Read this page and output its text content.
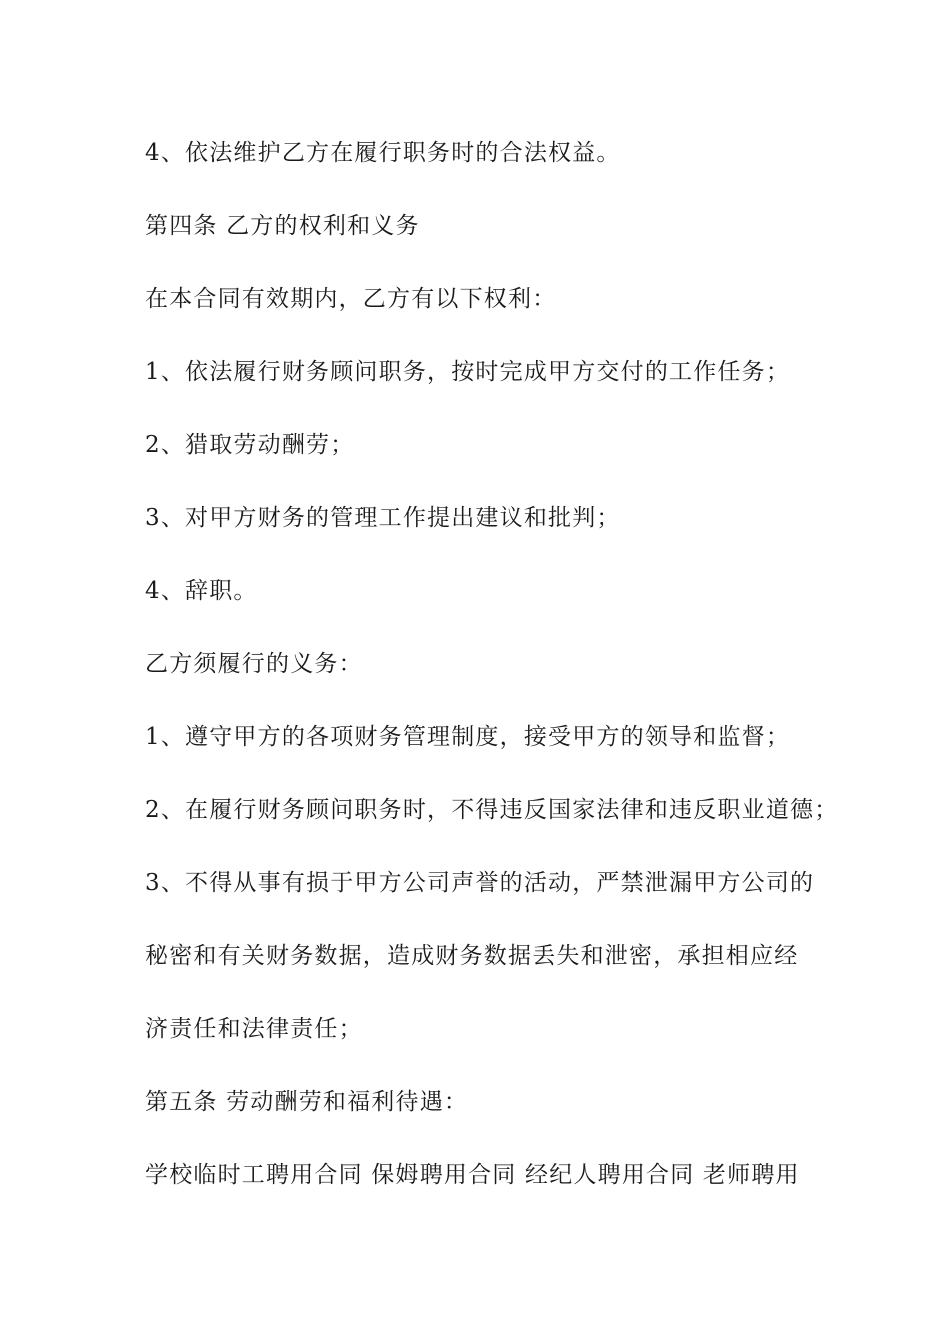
4、依法维护乙方在履行职务时的合法权益。
第四条 乙方的权利和义务
在本合同有效期内，乙方有以下权利：
1、依法履行财务顾问职务，按时完成甲方交付的工作任务；
2、猎取劳动酬劳；
3、对甲方财务的管理工作提出建议和批判；
4、辞职。
乙方须履行的义务：
1、遵守甲方的各项财务管理制度，接受甲方的领导和监督；
2、在履行财务顾问职务时，不得违反国家法律和违反职业道德；
3、不得从事有损于甲方公司声誉的活动，严禁泄漏甲方公司的
秘密和有关财务数据，造成财务数据丢失和泄密，承担相应经
济责任和法律责任；
第五条 劳动酬劳和福利待遇：
学校临时工聘用合同 保姆聘用合同 经纪人聘用合同 老师聘用
